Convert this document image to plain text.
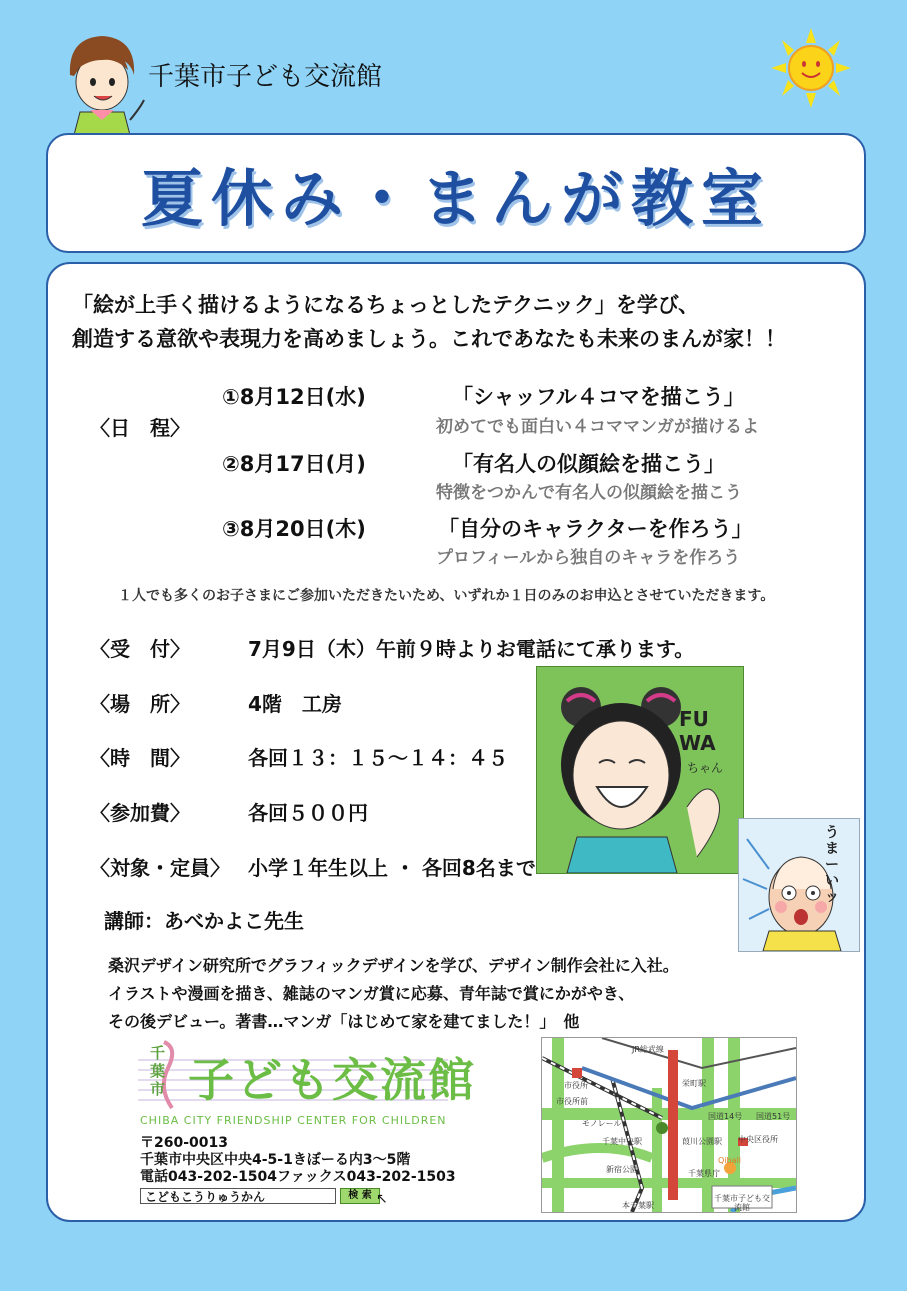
千葉市子ども交流館
夏休み・まんが教室
「絵が上手く描けるようになるちょっとしたテクニック」を学び、
創造する意欲や表現力を高めましょう。これであなたも未来のまんが家！！
〈日　程〉
①8月12日(水)	「シャッフル４コマを描こう」
初めてでも面白い４コママンガが描けるよ
②8月17日(月)	「有名人の似顔絵を描こう」
特徴をつかんで有名人の似顔絵を描こう
③8月20日(木)	「自分のキャラクターを作ろう」
プロフィールから独自のキャラを作ろう
１人でも多くのお子さまにご参加いただきたいため、いずれか１日のみのお申込とさせていただきます。
〈受　付〉	7月9日（木）午前９時よりお電話にて承ります。
〈場　所〉	4階　工房
〈時　間〉	各回１３：１５～１４：４５
〈参加費〉	各回５００円
〈対象・定員〉 小学１年生以上 ・ 各回8名まで
FU WA
ちゃん
うまーいッ
講師：あべかよこ先生
桑沢デザイン研究所でグラフィックデザインを学び、デザイン制作会社に入社。
イラストや漫画を描き、雑誌のマンガ賞に応募、青年誌で賞にかがやき、
その後デビュー。著書…マンガ「はじめて家を建てました！」　他
千葉市 子ども交流館
CHIBA CITY FRIENDSHIP CENTER FOR CHILDREN
〒260-0013
千葉市中央区中央4-5-1きぼーる内3～5階
電話043-202-1504ファックス043-202-1503
こどもこうりゅうかん	検 索 ↖
JR総武線
市役所	栄町駅
市役所前
国道14号 国道51号
千葉中央駅	葭川公園駅 中央区役所
新宿公園	千葉県庁
本千葉駅
千葉市子ども交流館
Qiball
モノレール
